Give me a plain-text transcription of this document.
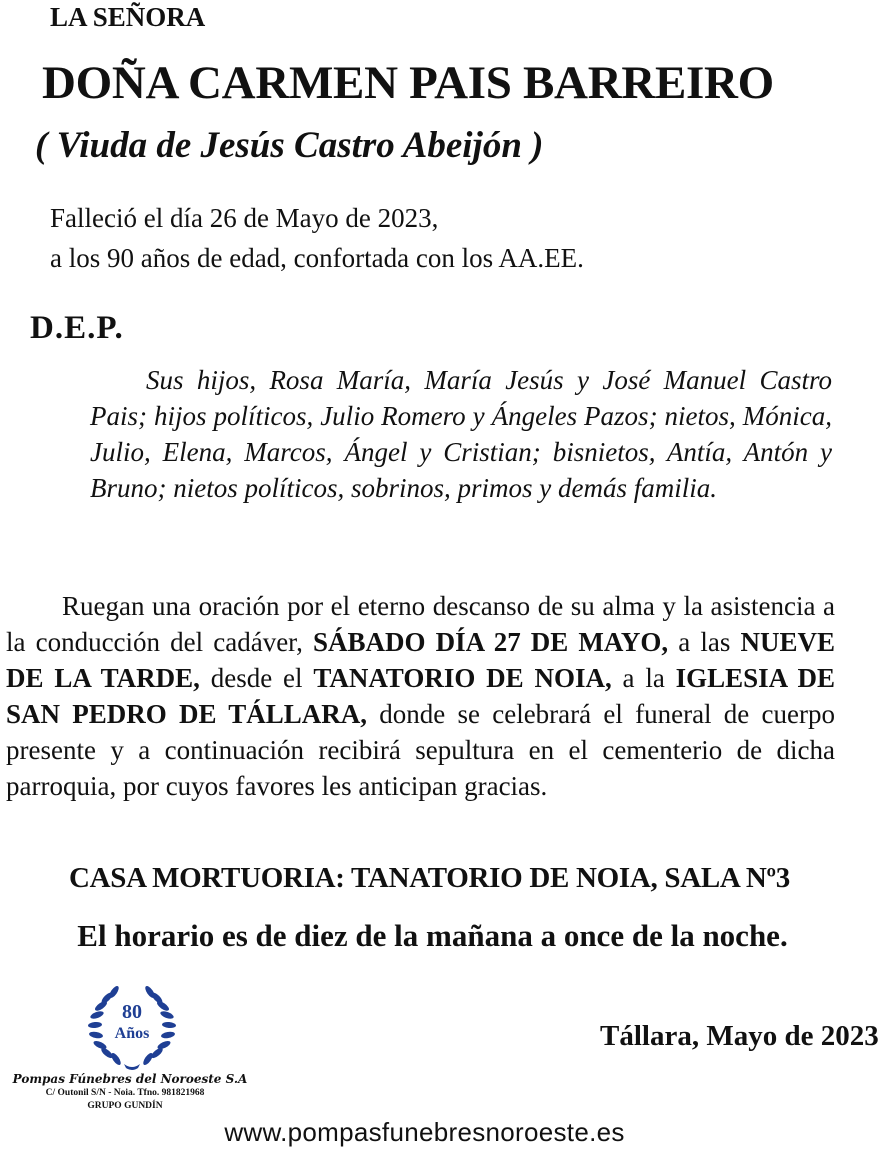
LA SEÑORA
DOÑA CARMEN PAIS BARREIRO
( Viuda de Jesús Castro Abeijón )
Falleció el día 26 de Mayo de 2023,
a los 90 años de edad, confortada con los AA.EE.
D.E.P.

Sus hijos, Rosa María, María Jesús y José Manuel Castro Pais; hijos políticos, Julio Romero y Ángeles Pazos; nietos, Mónica, Julio, Elena, Marcos, Ángel y Cristian; bisnietos, Antía, Antón y Bruno; nietos políticos, sobrinos, primos y demás familia.

Ruegan una oración por el eterno descanso de su alma y la asistencia a la conducción del cadáver, SÁBADO DÍA 27 DE MAYO, a las NUEVE DE LA TARDE, desde el TANATORIO DE NOIA, a la IGLESIA DE SAN PEDRO DE TÁLLARA, donde se celebrará el funeral de cuerpo presente y a continuación recibirá sepultura en el cementerio de dicha parroquia, por cuyos favores les anticipan gracias.

CASA MORTUORIA: TANATORIO DE NOIA, SALA Nº3
El horario es de diez de la mañana a once de la noche.
80
Años
Pompas Fúnebres del Noroeste S.A
C/ Outonil S/N - Noia. Tfno. 981821968
GRUPO GUNDÍN
Tállara, Mayo de 2023
www.pompasfunebresnoroeste.es
